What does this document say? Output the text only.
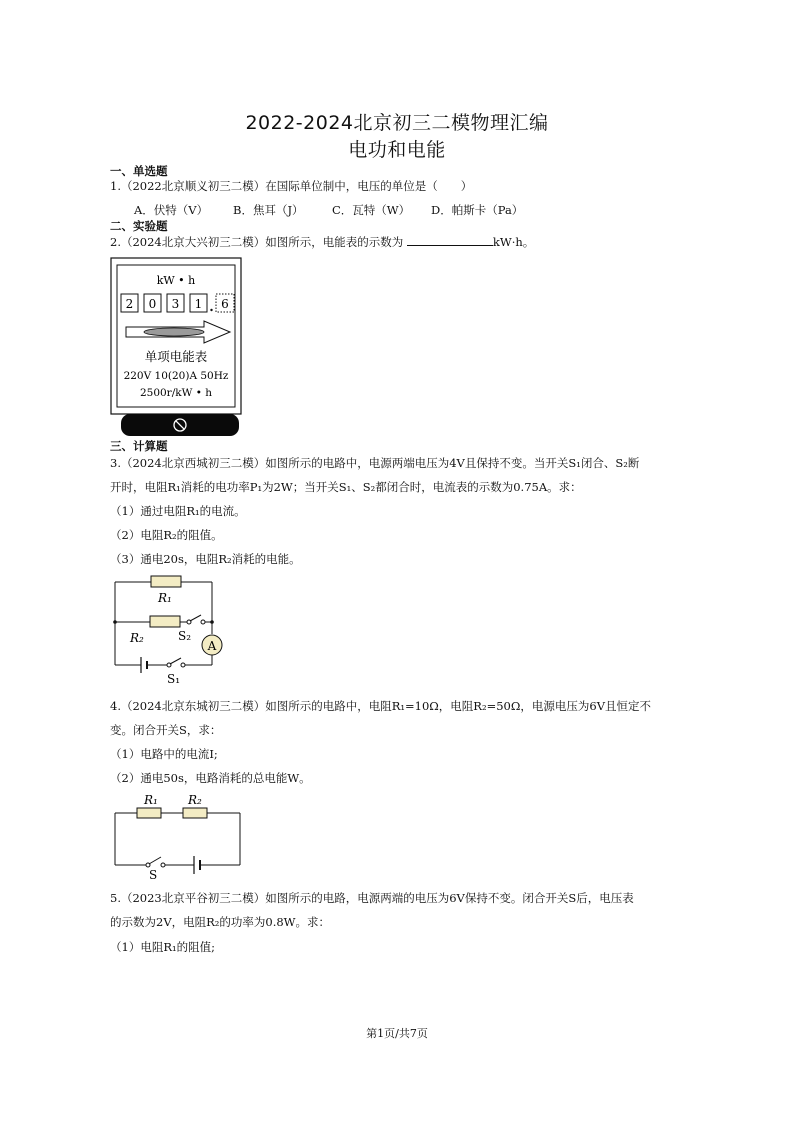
2022-2024北京初三二模物理汇编
电功和电能
一、单选题
1.（2022北京顺义初三二模）在国际单位制中，电压的单位是（　　）
A．伏特（V） B．焦耳（J） C．瓦特（W） D．帕斯卡（Pa）
二、实验题
2.（2024北京大兴初三二模）如图所示，电能表的示数为	kW·h。
kW • h
2 0 3 1 6
单项电能表
220V 10(20)A 50Hz
2500r/kW • h
三、计算题
3.（2024北京西城初三二模）如图所示的电路中，电源两端电压为4V且保持不变。当开关S₁闭合、S₂断
开时，电阻R₁消耗的电功率P₁为2W；当开关S₁、S₂都闭合时，电流表的示数为0.75A。求：
（1）通过电阻R₁的电流。
（2）电阻R₂的阻值。
（3）通电20s，电阻R₂消耗的电能。
R₁
R₂	S₂
A
S₁
4.（2024北京东城初三二模）如图所示的电路中，电阻R₁=10Ω，电阻R₂=50Ω，电源电压为6V且恒定不
变。闭合开关S，求：
（1）电路中的电流I;
（2）通电50s，电路消耗的总电能W。
R₁	R₂
S
5.（2023北京平谷初三二模）如图所示的电路，电源两端的电压为6V保持不变。闭合开关S后，电压表
的示数为2V，电阻R₂的功率为0.8W。求：
（1）电阻R₁的阻值;
第1页/共7页
